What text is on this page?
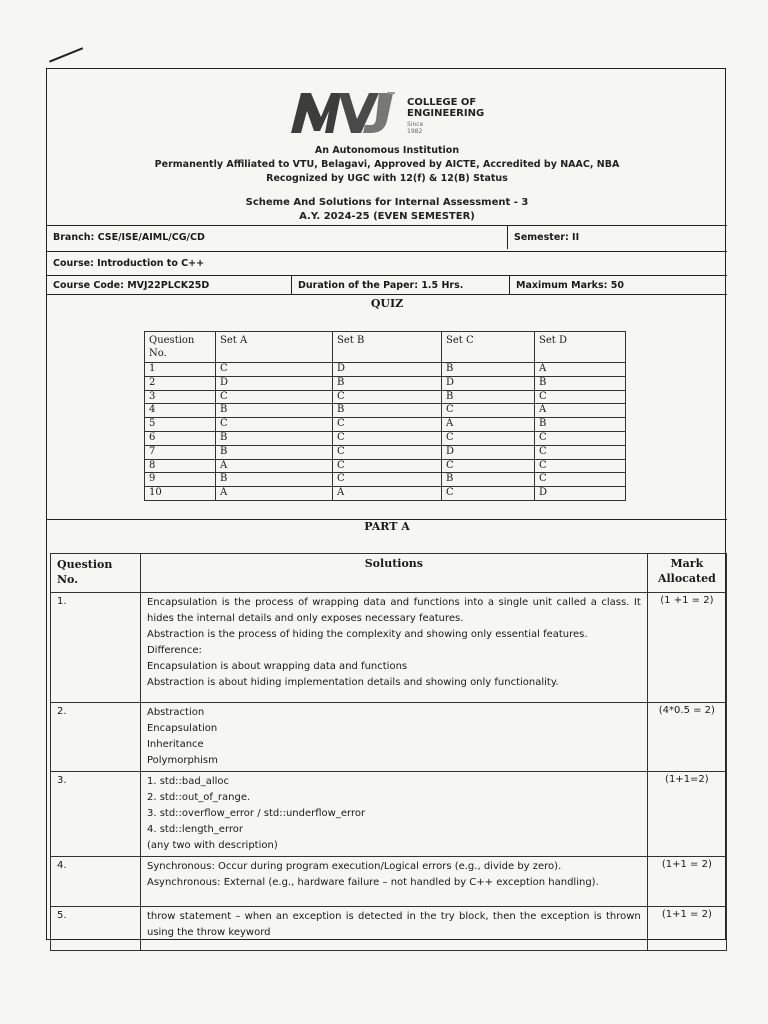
COLLEGE OF
ENGINEERING
Since 1982
An Autonomous Institution
Permanently Affiliated to VTU, Belagavi, Approved by AICTE, Accredited by NAAC, NBA
Recognized by UGC with 12(f) & 12(B) Status
Scheme And Solutions for Internal Assessment - 3
A.Y. 2024-25 (EVEN SEMESTER)
Branch: CSE/ISE/AIML/CG/CD	Semester: II
Course: Introduction to C++
Course Code: MVJ22PLCK25D	Duration of the Paper: 1.5 Hrs.	Maximum Marks: 50
QUIZ
Question No.	Set A	Set B	Set C	Set D
1	C	D	B	A
2	D	B	D	B
3	C	C	B	C
4	B	B	C	A
5	C	C	A	B
6	B	C	C	C
7	B	C	D	C
8	A	C	C	C
9	B	C	B	C
10	A	A	C	D
PART A
Question No.	Solutions	Mark Allocated
1.	Encapsulation is the process of wrapping data and functions into a single unit called a class. It hides the internal details and only exposes necessary features.
Abstraction is the process of hiding the complexity and showing only essential features.
Difference:
Encapsulation is about wrapping data and functions
Abstraction is about hiding implementation details and showing only functionality.	(1 +1 = 2)
2.	Abstraction
Encapsulation
Inheritance
Polymorphism	(4*0.5 = 2)
3.	1. std::bad_alloc
2. std::out_of_range.
3. std::overflow_error / std::underflow_error
4. std::length_error
(any two with description)	(1+1=2)
4.	Synchronous: Occur during program execution/Logical errors (e.g., divide by zero).
Asynchronous: External (e.g., hardware failure – not handled by C++ exception handling).	(1+1 = 2)
5.	throw statement – when an exception is detected in the try block, then the exception is thrown using the throw keyword	(1+1 = 2)
